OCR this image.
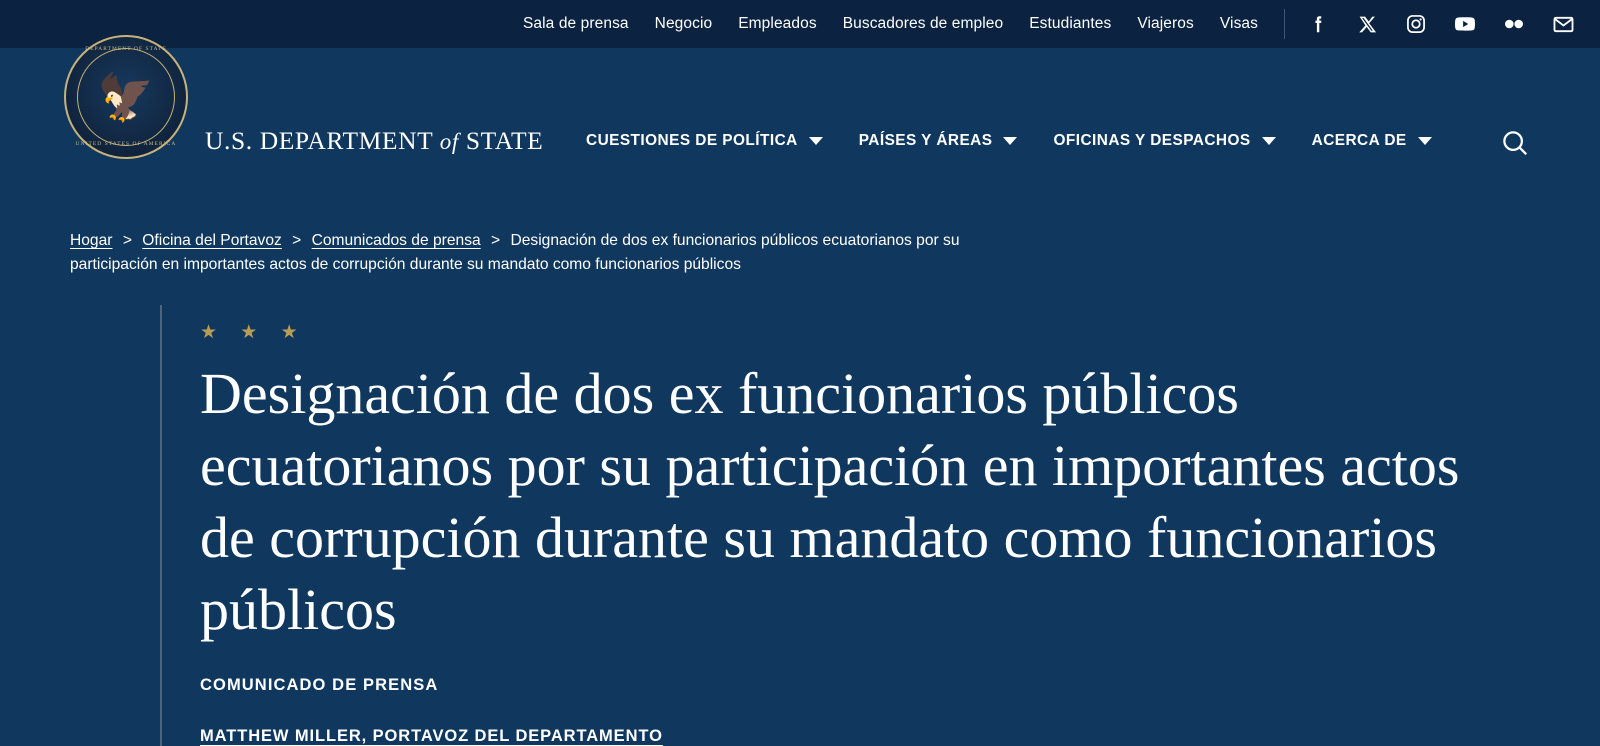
Sala de prensa Negocio Empleados Buscadores de empleo Estudiantes Viajeros Visas
DEPARTMENT OF STATE
🦅
UNITED STATES OF AMERICA	U.S. DEPARTMENT of STATE	CUESTIONES DE POLÍTICA	PAÍSES Y ÁREAS	OFICINAS Y DESPACHOS	ACERCA DE
Hogar > Oficina del Portavoz > Comunicados de prensa > Designación de dos ex funcionarios públicos ecuatorianos por su participación en importantes actos de corrupción durante su mandato como funcionarios públicos
★ ★ ★
Designación de dos ex funcionarios públicos ecuatorianos por su participación en importantes actos de corrupción durante su mandato como funcionarios públicos
COMUNICADO DE PRENSA
MATTHEW MILLER, PORTAVOZ DEL DEPARTAMENTO
